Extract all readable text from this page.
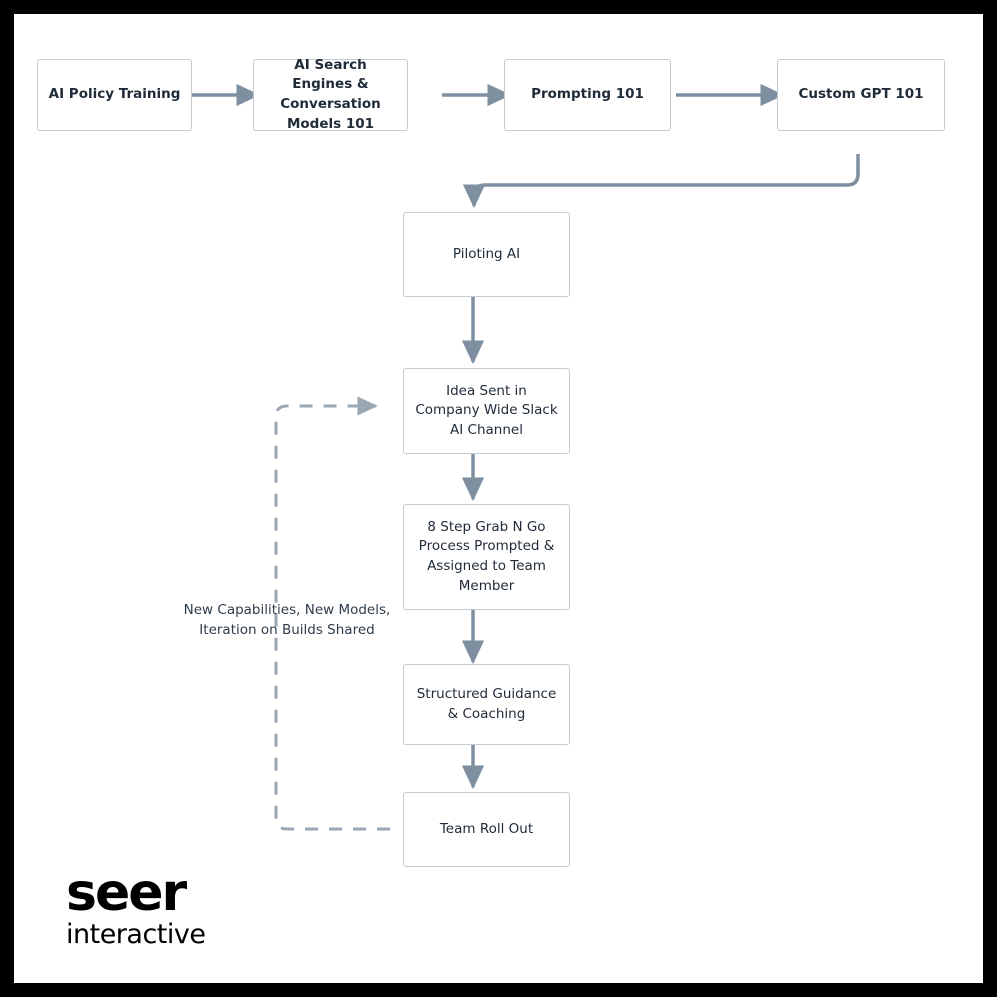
AI Policy Training
AI Search Engines & Conversation Models 101
Prompting 101	Custom GPT 101
Piloting AI
Idea Sent in Company Wide Slack AI Channel
8 Step Grab N Go Process Prompted & Assigned to Team Member
Structured Guidance & Coaching
Team Roll Out
New Capabilities, New Models, Iteration on Builds Shared
seer
interactive
